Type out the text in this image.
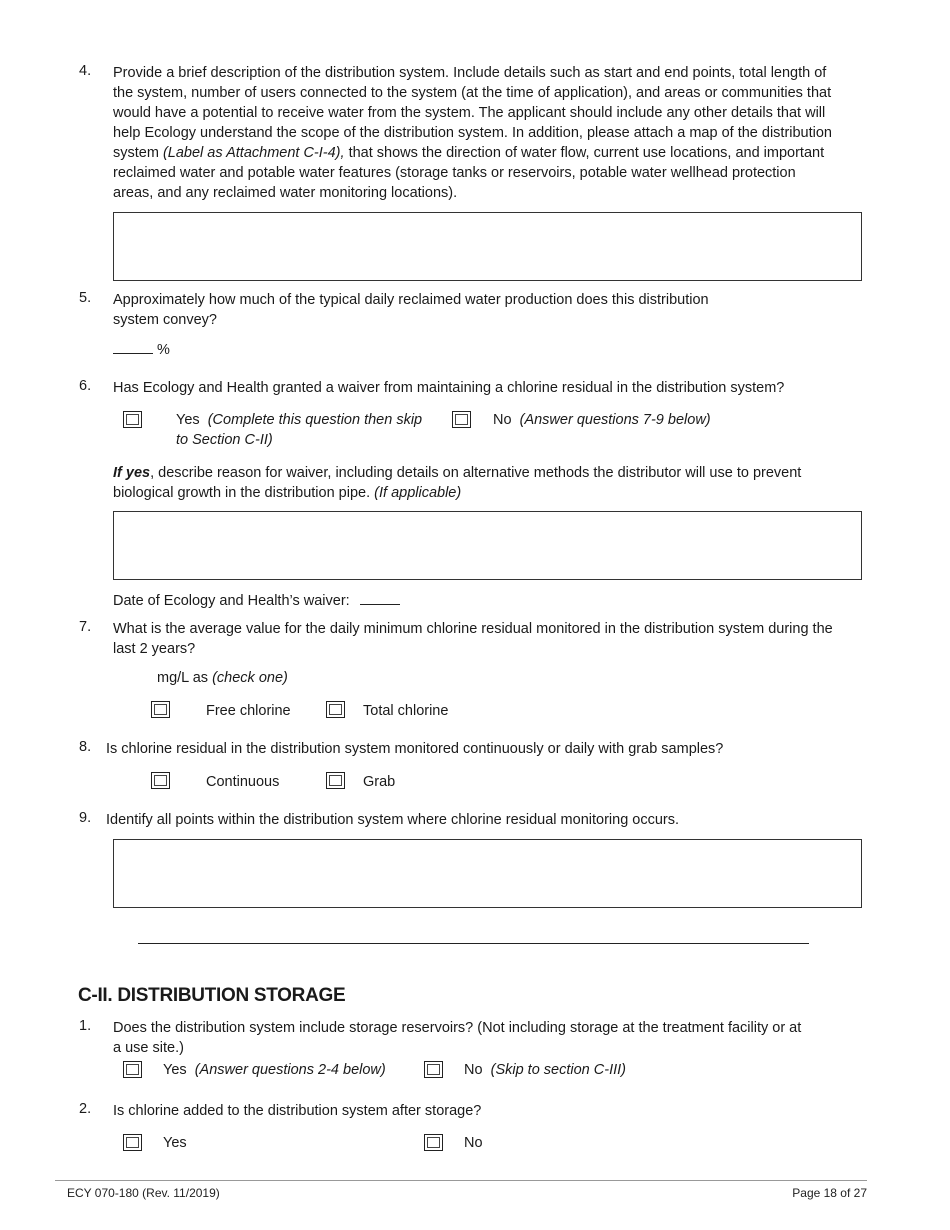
4. Provide a brief description of the distribution system. Include details such as start and end points, total length of
the system, number of users connected to the system (at the time of application), and areas or communities that
would have a potential to receive water from the system. The applicant should include any other details that will
help Ecology understand the scope of the distribution system. In addition, please attach a map of the distribution
system (Label as Attachment C-I-4), that shows the direction of water flow, current use locations, and important
reclaimed water and potable water features (storage tanks or reservoirs, potable water wellhead protection
areas, and any reclaimed water monitoring locations).
5. Approximately how much of the typical daily reclaimed water production does this distribution
system convey?
%
6. Has Ecology and Health granted a waiver from maintaining a chlorine residual in the distribution system?
Yes (Complete this question then skip
to Section C-II)
No (Answer questions 7-9 below)
If yes, describe reason for waiver, including details on alternative methods the distributor will use to prevent
biological growth in the distribution pipe. (If applicable)
Date of Ecology and Health’s waiver:
7. What is the average value for the daily minimum chlorine residual monitored in the distribution system during the
last 2 years?
mg/L as (check one)
Free chlorine	Total chlorine
8. Is chlorine residual in the distribution system monitored continuously or daily with grab samples?
Continuous	Grab
9. Identify all points within the distribution system where chlorine residual monitoring occurs.
C-II. DISTRIBUTION STORAGE
1. Does the distribution system include storage reservoirs? (Not including storage at the treatment facility or at
a use site.)
Yes (Answer questions 2-4 below)	No (Skip to section C-III)
2. Is chlorine added to the distribution system after storage?
Yes	No
ECY 070-180 (Rev. 11/2019)	Page 18 of 27
